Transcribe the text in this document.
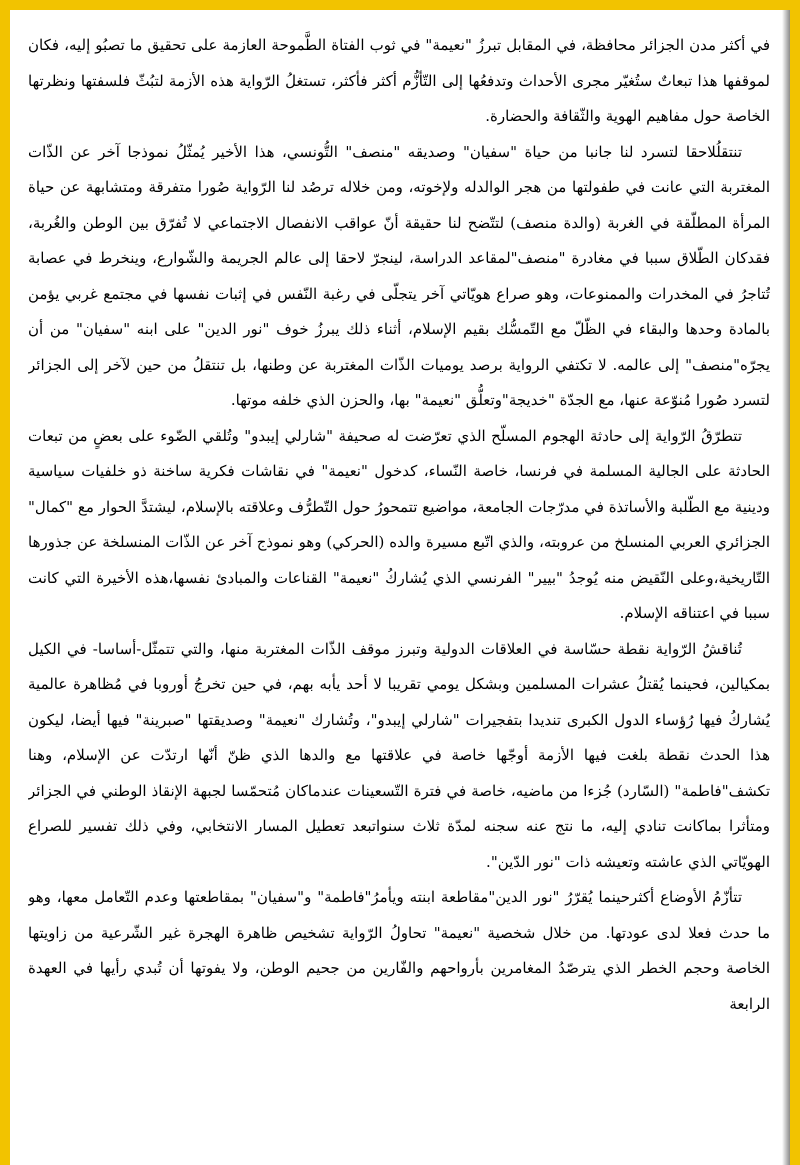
في أكثر مدن الجزائر محافظة، في المقابل تبرزُ "نعيمة" في ثوب الفتاة الطَّموحة العازمة على تحقيق ما تصبُو إليه، فكان لموقفها هذا تبعاتٌ ستُغيّر مجرى الأحداث وتدفعُها إلى التّأزُّم أكثر فأكثر، تستغلُ الرّواية هذه الأزمة لتبُثّ فلسفتها ونظرتها الخاصة حول مفاهيم الهوية والثّقافة والحضارة.

تنتقلُلاحقا لتسرد لنا جانبا من حياة "سفيان" وصديقه "منصف" التُّونسي، هذا الأخير يُمثّلُ نموذجا آخر عن الذّات المغتربة التي عانت في طفولتها من هجر الوالدله ولإخوته، ومن خلاله ترصُد لنا الرّواية صُورا متفرقة ومتشابهة عن حياة المرأة المطلّقة في الغربة (والدة منصف) لتتّضح لنا حقيقة أنّ عواقب الانفصال الاجتماعي لا تُفرّق بين الوطن والغُربة، فقدكان الطّلاق سببا في مغادرة "منصف"لمقاعد الدراسة، لينجرّ لاحقا إلى عالم الجريمة والشّوارع، وينخرط في عصابة تُتاجرُ في المخدرات والممنوعات، وهو صراع هويّاتي آخر يتجلّى في رغبة النّفس في إثبات نفسها في مجتمع غربي يؤمن بالمادة وحدها والبقاء في الظّلّ مع التّمسُّك بقيم الإسلام، أثناء ذلك يبرزُ خوف "نور الدين" على ابنه "سفيان" من أن يجرّه"منصف" إلى عالمه. لا تكتفي الرواية برصد يوميات الذّات المغتربة عن وطنها، بل تنتقلُ من حين لآخر إلى الجزائر لتسرد صُورا مُنوّعة عنها، مع الجدّة "خديجة"وتعلُّق "نعيمة" بها، والحزن الذي خلفه موتها.

تتطرّقُ الرّواية إلى حادثة الهجوم المسلّح الذي تعرّضت له صحيفة "شارلي إيبدو" وتُلقي الضّوء على بعضٍ من تبعات الحادثة على الجالية المسلمة في فرنسا، خاصة النّساء، كدخول "نعيمة" في نقاشات فكرية ساخنة ذو خلفيات سياسية ودينية مع الطّلبة والأساتذة في مدرّجات الجامعة، مواضيع تتمحورُ حول التّطرُّف وعلاقته بالإسلام، ليشتدَّ الحوار مع "كمال" الجزائري العربي المنسلخ من عروبته، والذي اتّبع مسيرة والده (الحركي) وهو نموذج آخر عن الذّات المنسلخة عن جذورها التّاريخية،وعلى النّقيض منه يُوجدُ "بيير" الفرنسي الذي يُشاركُ "نعيمة" القناعات والمبادئ نفسها،هذه الأخيرة التي كانت سببا في اعتناقه الإسلام.

تُناقشُ الرّواية نقطة حسّاسة في العلاقات الدولية وتبرز موقف الذّات المغتربة منها، والتي تتمثّل-أساسا- في الكيل بمكيالين، فحينما يُقتلُ عشرات المسلمين وبشكل يومي تقريبا لا أحد يأبه بهم، في حين تخرجُ أوروبا في مُظاهرة عالمية يُشاركُ فيها رُؤساء الدول الكبرى تنديدا بتفجيرات "شارلي إيبدو"، وتُشارك "نعيمة" وصديقتها "صبرينة" فيها أيضا، ليكون هذا الحدث نقطة بلغت فيها الأزمة أوجّها خاصة في علاقتها مع والدها الذي ظنّ أنّها ارتدّت عن الإسلام، وهنا تكشف"فاطمة" (السّارد) جُزءا من ماضيه، خاصة في فترة التّسعينات عندماكان مُتحمّسا لجبهة الإنقاذ الوطني في الجزائر ومتأثرا بماكانت تنادي إليه، ما نتج عنه سجنه لمدّة ثلاث سنواتبعد تعطيل المسار الانتخابي، وفي ذلك تفسير للصراع الهويّاتي الذي عاشته وتعيشه ذات "نور الدّين".

تتأزّمُ الأوضاع أكثرحينما يُقرّرُ "نور الدين"مقاطعة ابنته ويأمرُ"فاطمة" و"سفيان" بمقاطعتها وعدم التّعامل معها، وهو ما حدث فعلا لدى عودتها. من خلال شخصية "نعيمة" تحاولُ الرّواية تشخيص ظاهرة الهجرة غير الشّرعية من زاويتها الخاصة وحجم الخطر الذي يترصّدُ المغامرين بأرواحهم والفّارين من جحيم الوطن، ولا يفوتها أن تُبدي رأيها في العهدة الرابعة
